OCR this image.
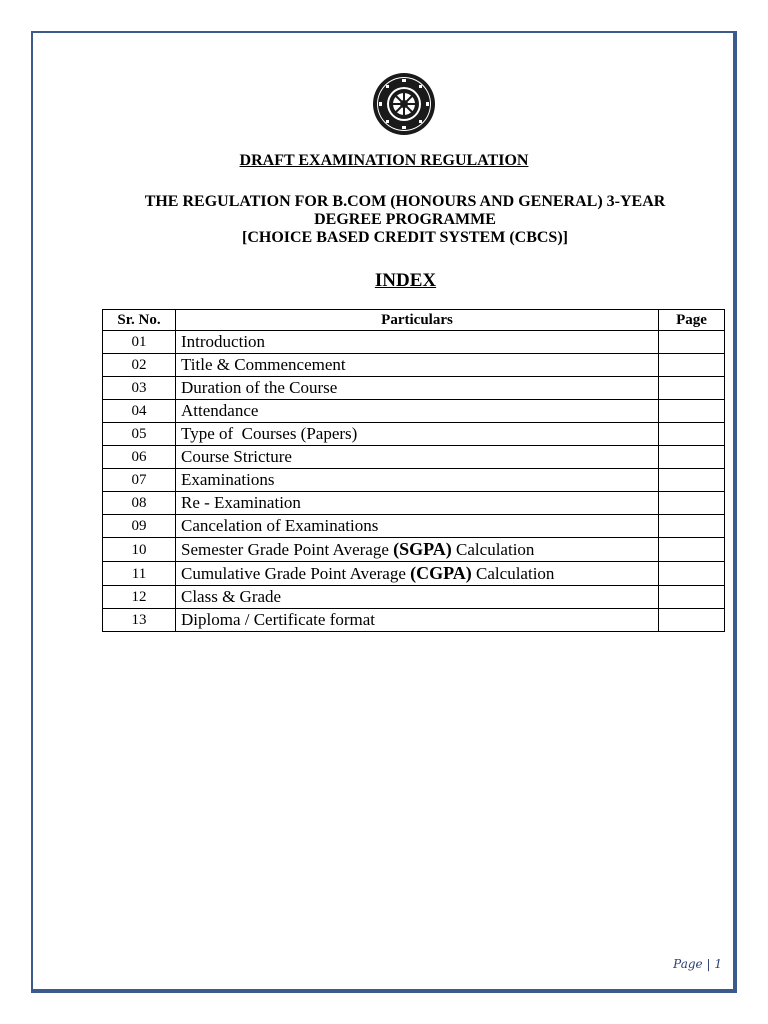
DRAFT EXAMINATION REGULATION
THE REGULATION FOR B.COM (HONOURS AND GENERAL) 3-YEAR
DEGREE PROGRAMME
[CHOICE BASED CREDIT SYSTEM (CBCS)]
INDEX
Sr. No.	Particulars	Page
01	Introduction	
02	Title & Commencement	
03	Duration of the Course	
04	Attendance	
05	Type of  Courses (Papers)	
06	Course Stricture	
07	Examinations	
08	Re - Examination	
09	Cancelation of Examinations	
10	Semester Grade Point Average (SGPA) Calculation	
11	Cumulative Grade Point Average (CGPA) Calculation	
12	Class & Grade	
13	Diploma / Certificate format	
Page | 1
